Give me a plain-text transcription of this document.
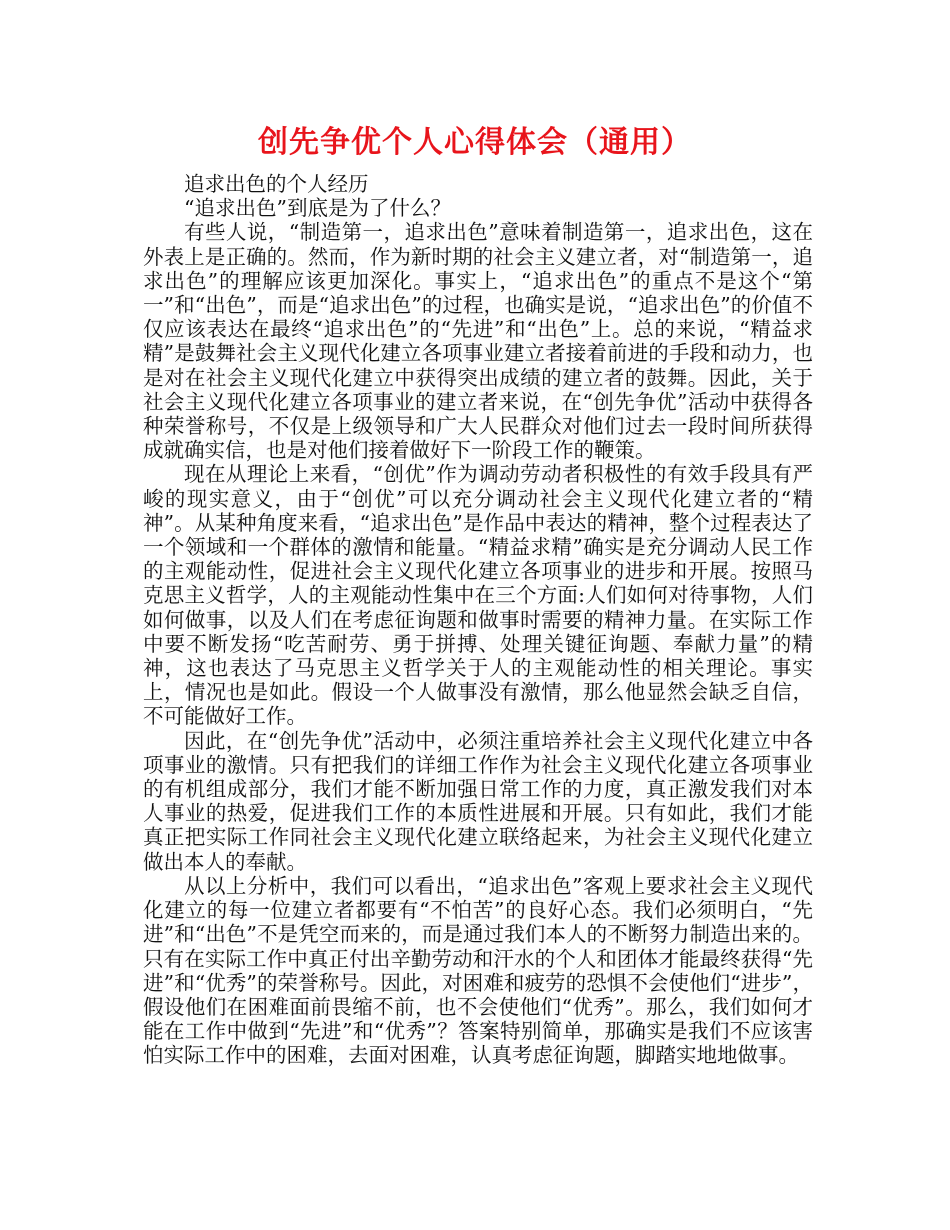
创先争优个人心得体会（通用）

追求出色的个人经历

“追求出色”到底是为了什么？

有些人说，“制造第一，追求出色”意味着制造第一，追求出色，这在外表上是正确的。然而，作为新时期的社会主义建立者，对“制造第一，追求出色”的理解应该更加深化。事实上，“追求出色”的重点不是这个“第一”和“出色”，而是“追求出色”的过程，也确实是说，“追求出色”的价值不仅应该表达在最终“追求出色”的“先进”和“出色”上。总的来说，“精益求精”是鼓舞社会主义现代化建立各项事业建立者接着前进的手段和动力，也是对在社会主义现代化建立中获得突出成绩的建立者的鼓舞。因此，关于社会主义现代化建立各项事业的建立者来说，在“创先争优”活动中获得各种荣誉称号，不仅是上级领导和广大人民群众对他们过去一段时间所获得成就确实信，也是对他们接着做好下一阶段工作的鞭策。

现在从理论上来看，“创优”作为调动劳动者积极性的有效手段具有严峻的现实意义，由于“创优”可以充分调动社会主义现代化建立者的“精神”。从某种角度来看，“追求出色”是作品中表达的精神，整个过程表达了一个领域和一个群体的激情和能量。“精益求精”确实是充分调动人民工作的主观能动性，促进社会主义现代化建立各项事业的进步和开展。按照马克思主义哲学，人的主观能动性集中在三个方面:人们如何对待事物，人们如何做事，以及人们在考虑征询题和做事时需要的精神力量。在实际工作中要不断发扬“吃苦耐劳、勇于拼搏、处理关键征询题、奉献力量”的精神，这也表达了马克思主义哲学关于人的主观能动性的相关理论。事实上，情况也是如此。假设一个人做事没有激情，那么他显然会缺乏自信，不可能做好工作。

因此，在“创先争优”活动中，必须注重培养社会主义现代化建立中各项事业的激情。只有把我们的详细工作作为社会主义现代化建立各项事业的有机组成部分，我们才能不断加强日常工作的力度，真正激发我们对本人事业的热爱，促进我们工作的本质性进展和开展。只有如此，我们才能真正把实际工作同社会主义现代化建立联络起来，为社会主义现代化建立做出本人的奉献。

从以上分析中，我们可以看出，“追求出色”客观上要求社会主义现代化建立的每一位建立者都要有“不怕苦”的良好心态。我们必须明白，“先进”和“出色”不是凭空而来的，而是通过我们本人的不断努力制造出来的。只有在实际工作中真正付出辛勤劳动和汗水的个人和团体才能最终获得“先进”和“优秀”的荣誉称号。因此，对困难和疲劳的恐惧不会使他们“进步”，假设他们在困难面前畏缩不前，也不会使他们“优秀”。那么，我们如何才能在工作中做到“先进”和“优秀”？答案特别简单，那确实是我们不应该害怕实际工作中的困难，去面对困难，认真考虑征询题，脚踏实地地做事。
